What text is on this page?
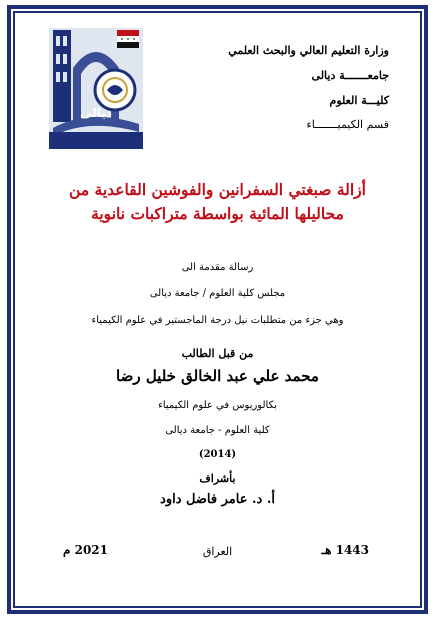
ديالى
وزارة التعليم العالي والبحث العلمي
جامعـــــــة ديالى
كليـــة العلوم
قسم الكيميـــــــاء
أزالة صبغتي السفرانين والفوشين القاعدية من
محاليلها المائية بواسطة متراكبات نانوية
رسالة مقدمة الى
مجلس كلية العلوم / جامعة ديالى
وهي جزء من متطلبات نيل درجة الماجستير في علوم الكيمياء
من قبل الطالب
محمد علي عبد الخالق خليل رضا
بكالوريوس في علوم الكيمياء
كلية العلوم - جامعة ديالى
(2014)
بأشراف
أ. د. عامر فاضل داود
1443 هـ
العراق
2021 م
